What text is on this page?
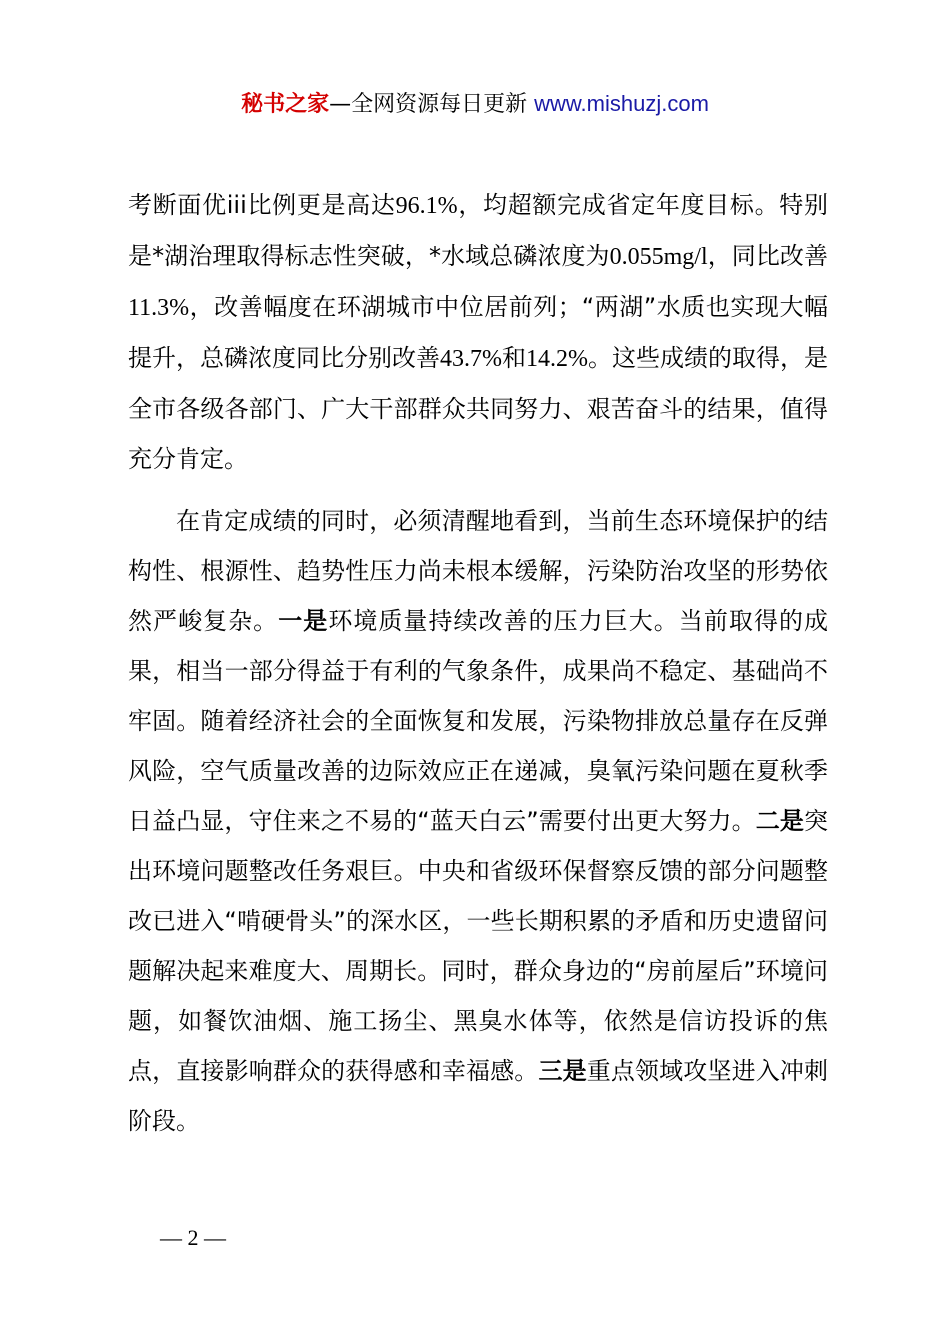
秘书之家—全网资源每日更新 www.mishuzj.com

考断面优iii比例更是高达96.1%，均超额完成省定年度目标。特别是*湖治理取得标志性突破，*水域总磷浓度为0.055mg/l，同比改善11.3%，改善幅度在环湖城市中位居前列；“两湖”水质也实现大幅提升，总磷浓度同比分别改善43.7%和14.2%。这些成绩的取得，是全市各级各部门、广大干部群众共同努力、艰苦奋斗的结果，值得充分肯定。

在肯定成绩的同时，必须清醒地看到，当前生态环境保护的结构性、根源性、趋势性压力尚未根本缓解，污染防治攻坚的形势依然严峻复杂。一是环境质量持续改善的压力巨大。当前取得的成果，相当一部分得益于有利的气象条件，成果尚不稳定、基础尚不牢固。随着经济社会的全面恢复和发展，污染物排放总量存在反弹风险，空气质量改善的边际效应正在递减，臭氧污染问题在夏秋季日益凸显，守住来之不易的“蓝天白云”需要付出更大努力。二是突出环境问题整改任务艰巨。中央和省级环保督察反馈的部分问题整改已进入“啃硬骨头”的深水区，一些长期积累的矛盾和历史遗留问题解决起来难度大、周期长。同时，群众身边的“房前屋后”环境问题，如餐饮油烟、施工扬尘、黑臭水体等，依然是信访投诉的焦点，直接影响群众的获得感和幸福感。三是重点领域攻坚进入冲刺阶段。

— 2 —
